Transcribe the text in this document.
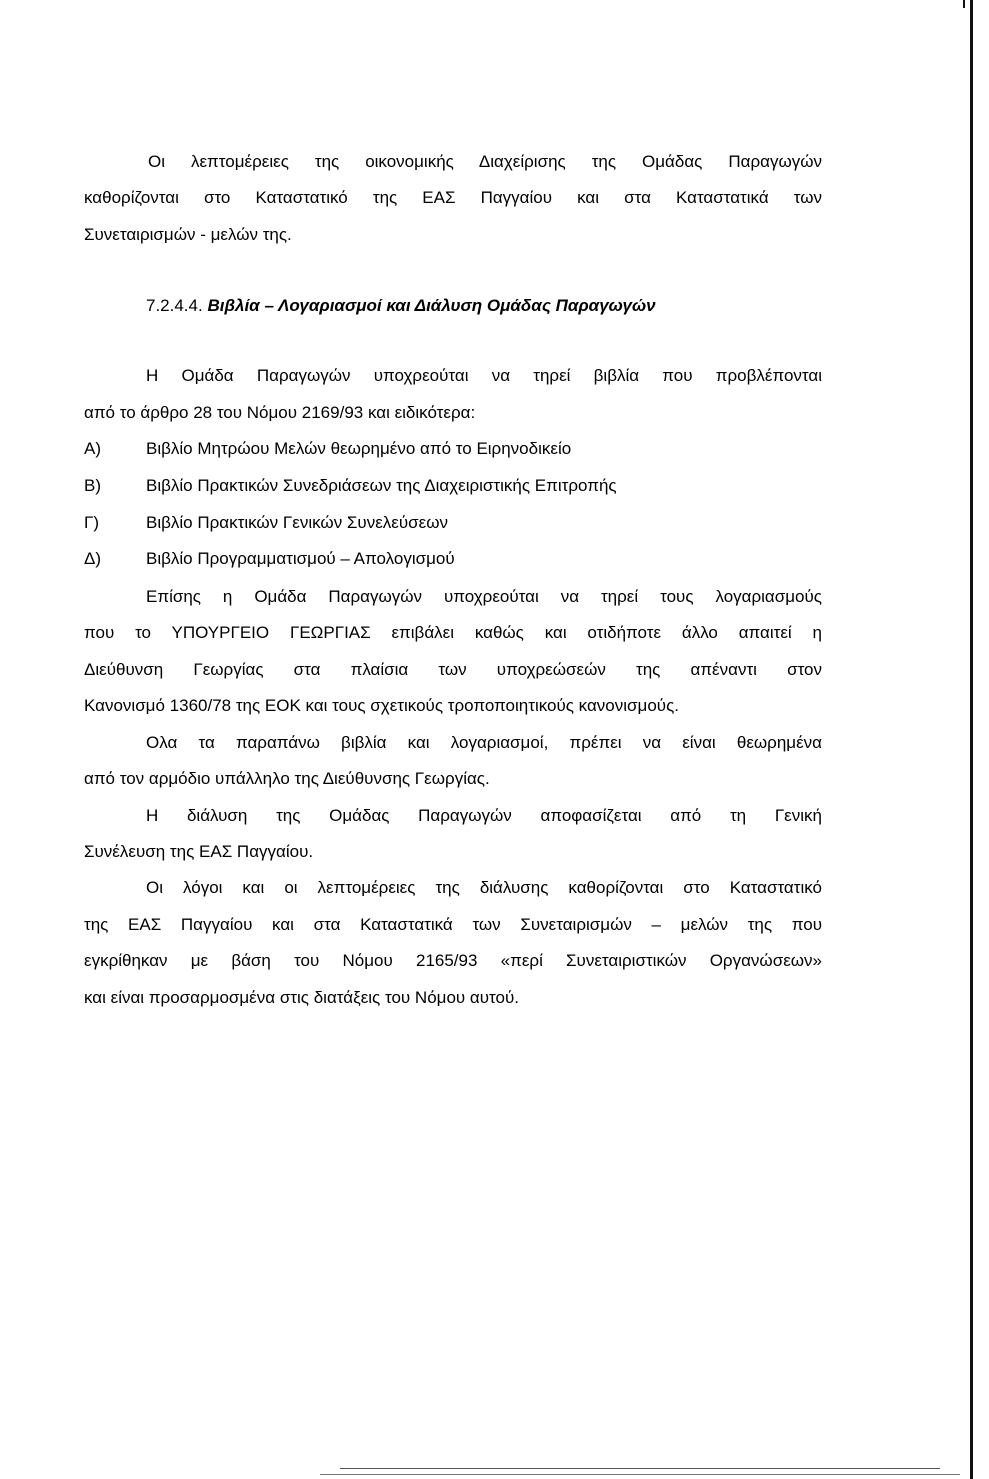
Οι λεπτομέρειες της οικονομικής Διαχείρισης της Ομάδας Παραγωγών
καθορίζονται στο Καταστατικό της ΕΑΣ Παγγαίου και στα Καταστατικά των
Συνεταιρισμών - μελών της.
7.2.4.4. Βιβλία – Λογαριασμοί και Διάλυση Ομάδας Παραγωγών
Η Ομάδα Παραγωγών υποχρεούται να τηρεί βιβλία που προβλέπονται
από το άρθρο 28 του Νόμου 2169/93 και ειδικότερα:
Α)	Βιβλίο Μητρώου Μελών θεωρημένο από το Ειρηνοδικείο
Β)	Βιβλίο Πρακτικών Συνεδριάσεων της Διαχειριστικής Επιτροπής
Γ)	Βιβλίο Πρακτικών Γενικών Συνελεύσεων
Δ)	Βιβλίο Προγραμματισμού – Απολογισμού
Επίσης η Ομάδα Παραγωγών υποχρεούται να τηρεί τους λογαριασμούς
που το ΥΠΟΥΡΓΕΙΟ ΓΕΩΡΓΙΑΣ επιβάλει καθώς και οτιδήποτε άλλο απαιτεί η
Διεύθυνση Γεωργίας στα πλαίσια των υποχρεώσεών της απέναντι στον
Κανονισμό 1360/78 της ΕΟΚ και τους σχετικούς τροποποιητικούς κανονισμούς.
Ολα τα παραπάνω βιβλία και λογαριασμοί, πρέπει να είναι θεωρημένα
από τον αρμόδιο υπάλληλο της Διεύθυνσης Γεωργίας.
Η διάλυση της Ομάδας Παραγωγών αποφασίζεται από τη Γενική
Συνέλευση της ΕΑΣ Παγγαίου.
Οι λόγοι και οι λεπτομέρειες της διάλυσης καθορίζονται στο Καταστατικό
της ΕΑΣ Παγγαίου και στα Καταστατικά των Συνεταιρισμών – μελών της που
εγκρίθηκαν με βάση του Νόμου 2165/93 «περί Συνεταιριστικών Οργανώσεων»
και είναι προσαρμοσμένα στις διατάξεις του Νόμου αυτού.
